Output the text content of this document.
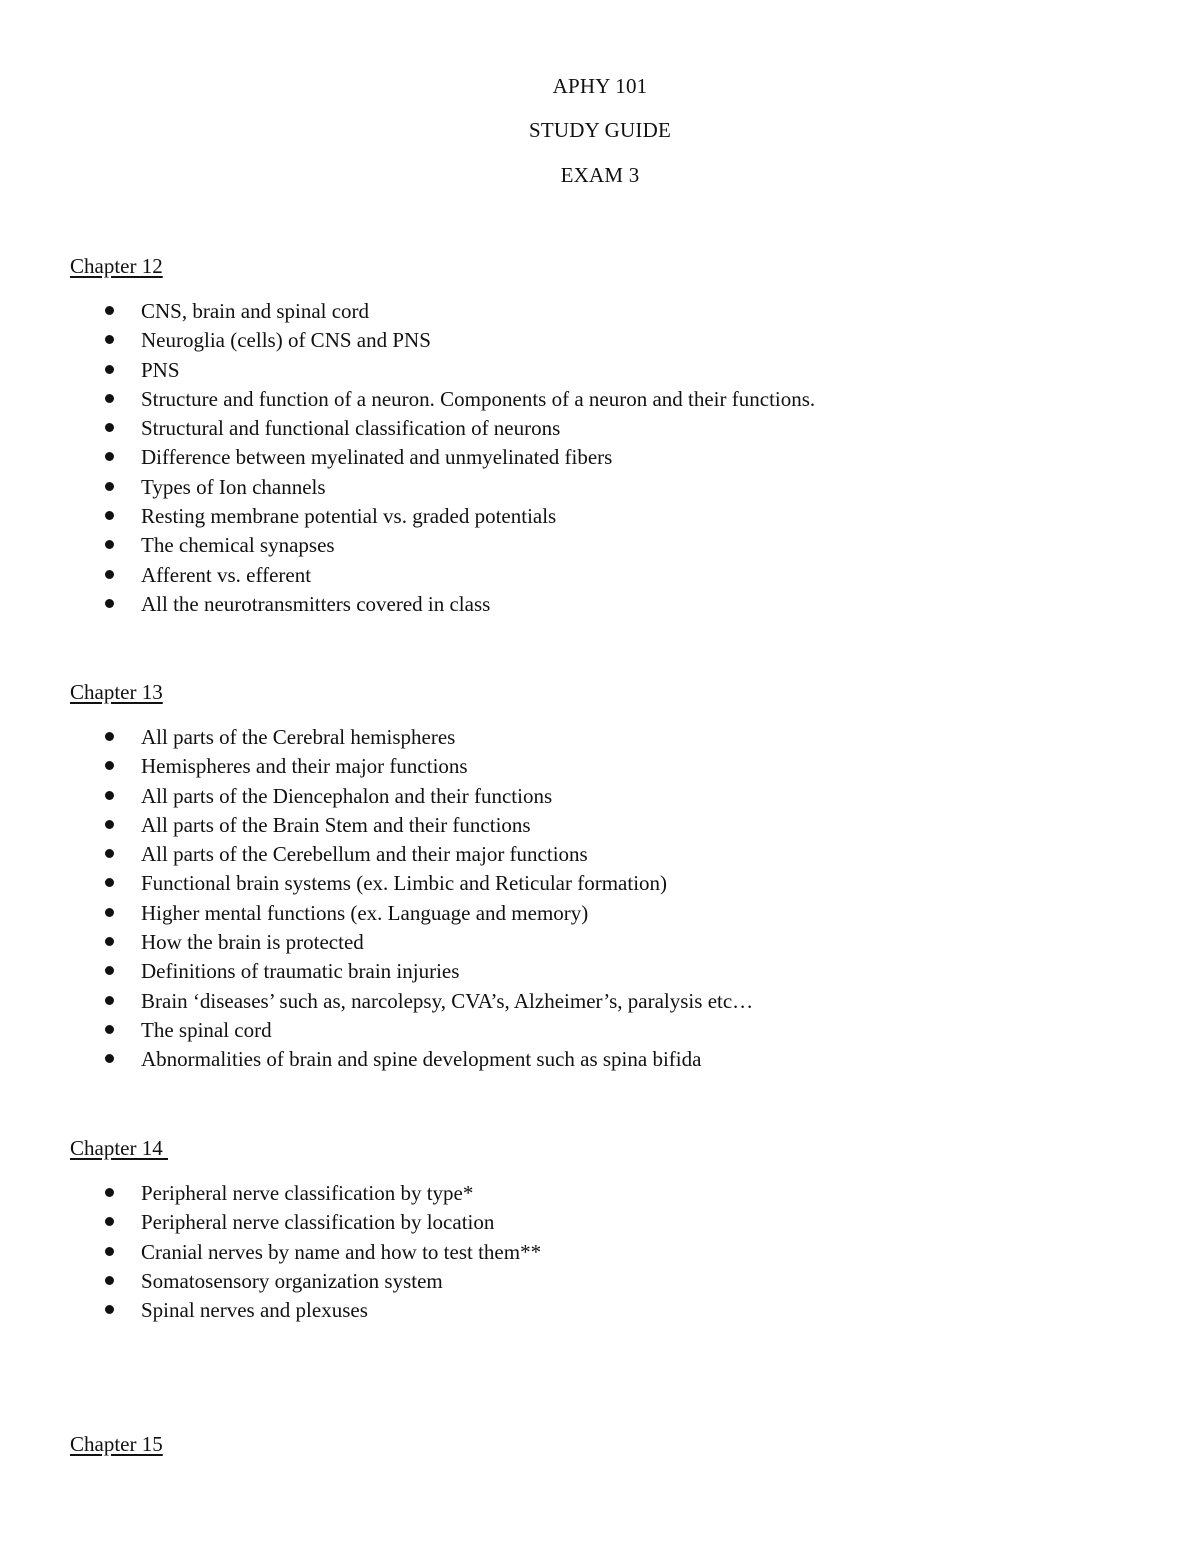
APHY 101
STUDY GUIDE
EXAM 3
Chapter 12
CNS, brain and spinal cord
Neuroglia (cells) of CNS and PNS
PNS
Structure and function of a neuron. Components of a neuron and their functions.
Structural and functional classification of neurons
Difference between myelinated and unmyelinated fibers
Types of Ion channels
Resting membrane potential vs. graded potentials
The chemical synapses
Afferent vs. efferent
All the neurotransmitters covered in class
Chapter 13
All parts of the Cerebral hemispheres
Hemispheres and their major functions
All parts of the Diencephalon and their functions
All parts of the Brain Stem and their functions
All parts of the Cerebellum and their major functions
Functional brain systems (ex. Limbic and Reticular formation)
Higher mental functions (ex. Language and memory)
How the brain is protected
Definitions of traumatic brain injuries
Brain ‘diseases’ such as, narcolepsy, CVA’s, Alzheimer’s, paralysis etc…
The spinal cord
Abnormalities of brain and spine development such as spina bifida
Chapter 14
Peripheral nerve classification by type*
Peripheral nerve classification by location
Cranial nerves by name and how to test them**
Somatosensory organization system
Spinal nerves and plexuses
Chapter 15
